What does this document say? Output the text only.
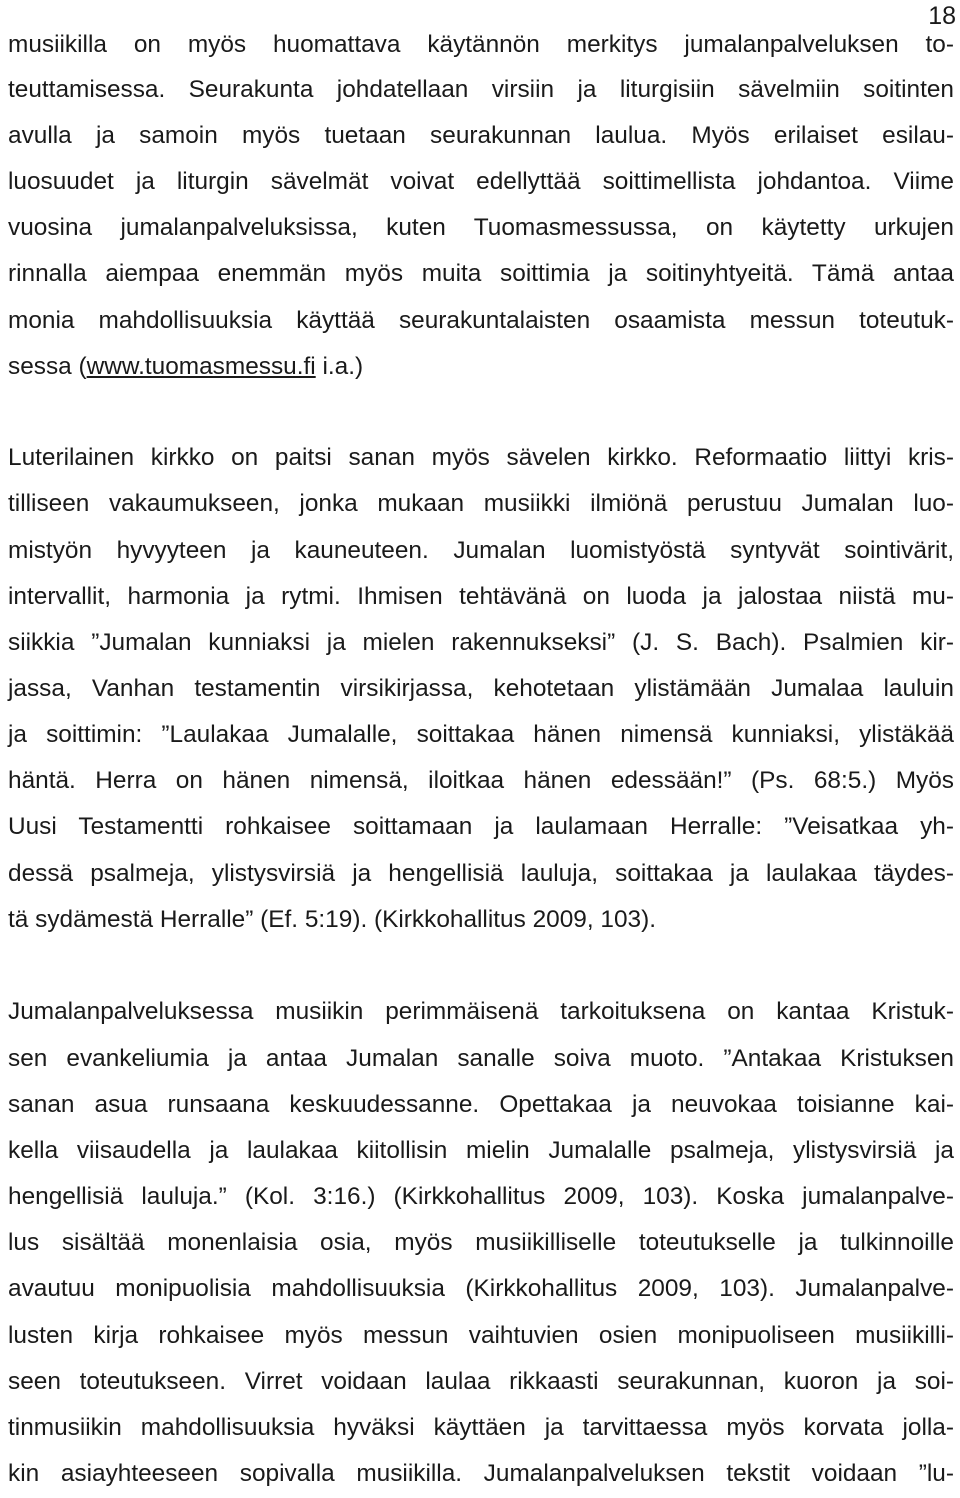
18
musiikilla on myös huomattava käytännön merkitys jumalanpalveluksen to-
teuttamisessa. Seurakunta johdatellaan virsiin ja liturgisiin sävelmiin soitinten
avulla ja samoin myös tuetaan seurakunnan laulua. Myös erilaiset esilau-
luosuudet ja liturgin sävelmät voivat edellyttää soittimellista johdantoa. Viime
vuosina jumalanpalveluksissa, kuten Tuomasmessussa, on käytetty urkujen
rinnalla aiempaa enemmän myös muita soittimia ja soitinyhtyeitä. Tämä antaa
monia mahdollisuuksia käyttää seurakuntalaisten osaamista messun toteutuk-
sessa (www.tuomasmessu.fi i.a.)
Luterilainen kirkko on paitsi sanan myös sävelen kirkko. Reformaatio liittyi kris-
tilliseen vakaumukseen, jonka mukaan musiikki ilmiönä perustuu Jumalan luo-
mistyön hyvyyteen ja kauneuteen. Jumalan luomistyöstä syntyvät sointivärit,
intervallit, harmonia ja rytmi. Ihmisen tehtävänä on luoda ja jalostaa niistä mu-
siikkia ”Jumalan kunniaksi ja mielen rakennukseksi” (J. S. Bach). Psalmien kir-
jassa, Vanhan testamentin virsikirjassa, kehotetaan ylistämään Jumalaa lauluin
ja soittimin: ”Laulakaa Jumalalle, soittakaa hänen nimensä kunniaksi, ylistäkää
häntä. Herra on hänen nimensä, iloitkaa hänen edessään!” (Ps. 68:5.) Myös
Uusi Testamentti rohkaisee soittamaan ja laulamaan Herralle: ”Veisatkaa yh-
dessä psalmeja, ylistysvirsiä ja hengellisiä lauluja, soittakaa ja laulakaa täydes-
tä sydämestä Herralle” (Ef. 5:19). (Kirkkohallitus 2009, 103).
Jumalanpalveluksessa musiikin perimmäisenä tarkoituksena on kantaa Kristuk-
sen evankeliumia ja antaa Jumalan sanalle soiva muoto. ”Antakaa Kristuksen
sanan asua runsaana keskuudessanne. Opettakaa ja neuvokaa toisianne kai-
kella viisaudella ja laulakaa kiitollisin mielin Jumalalle psalmeja, ylistysvirsiä ja
hengellisiä lauluja.” (Kol. 3:16.) (Kirkkohallitus 2009, 103). Koska jumalanpalve-
lus sisältää monenlaisia osia, myös musiikilliselle toteutukselle ja tulkinnoille
avautuu monipuolisia mahdollisuuksia (Kirkkohallitus 2009, 103). Jumalanpalve-
lusten kirja rohkaisee myös messun vaihtuvien osien monipuoliseen musiikilli-
seen toteutukseen. Virret voidaan laulaa rikkaasti seurakunnan, kuoron ja soi-
tinmusiikin mahdollisuuksia hyväksi käyttäen ja tarvittaessa myös korvata jolla-
kin asiayhteeseen sopivalla musiikilla. Jumalanpalveluksen tekstit voidaan ”lu-
